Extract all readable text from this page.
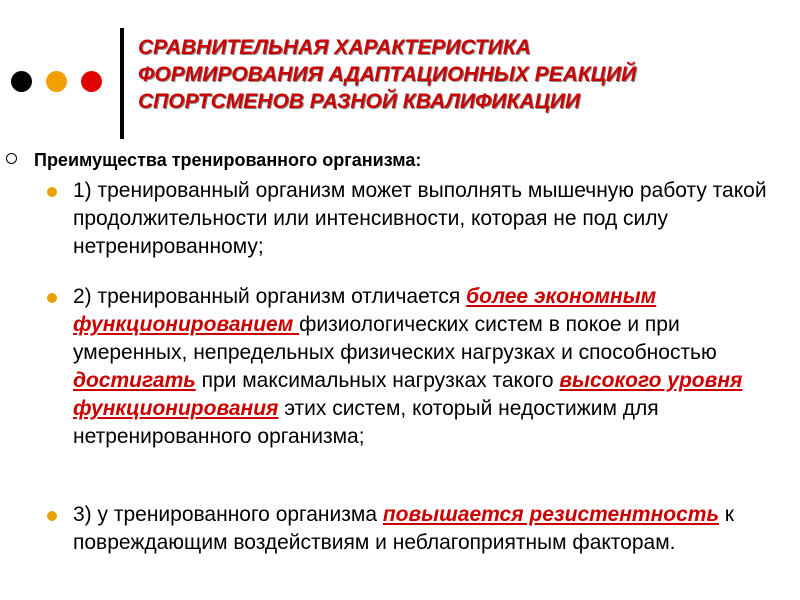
СРАВНИТЕЛЬНАЯ ХАРАКТЕРИСТИКА
ФОРМИРОВАНИЯ АДАПТАЦИОННЫХ РЕАКЦИЙ
СПОРТСМЕНОВ РАЗНОЙ КВАЛИФИКАЦИИ
Преимущества тренированного организма:
1) тренированный организм может выполнять мышечную работу такой продолжительности или интенсивности, которая не под силу нетренированному;
2) тренированный организм отличается более экономным функционированием физиологических систем в покое и при умеренных, непредельных физических нагрузках и способностью достигать при максимальных нагрузках такого высокого уровня функционирования этих систем, который недостижим для нетренированного организма;
3) у тренированного организма повышается резистентность к повреждающим воздействиям и неблагоприятным факторам.
